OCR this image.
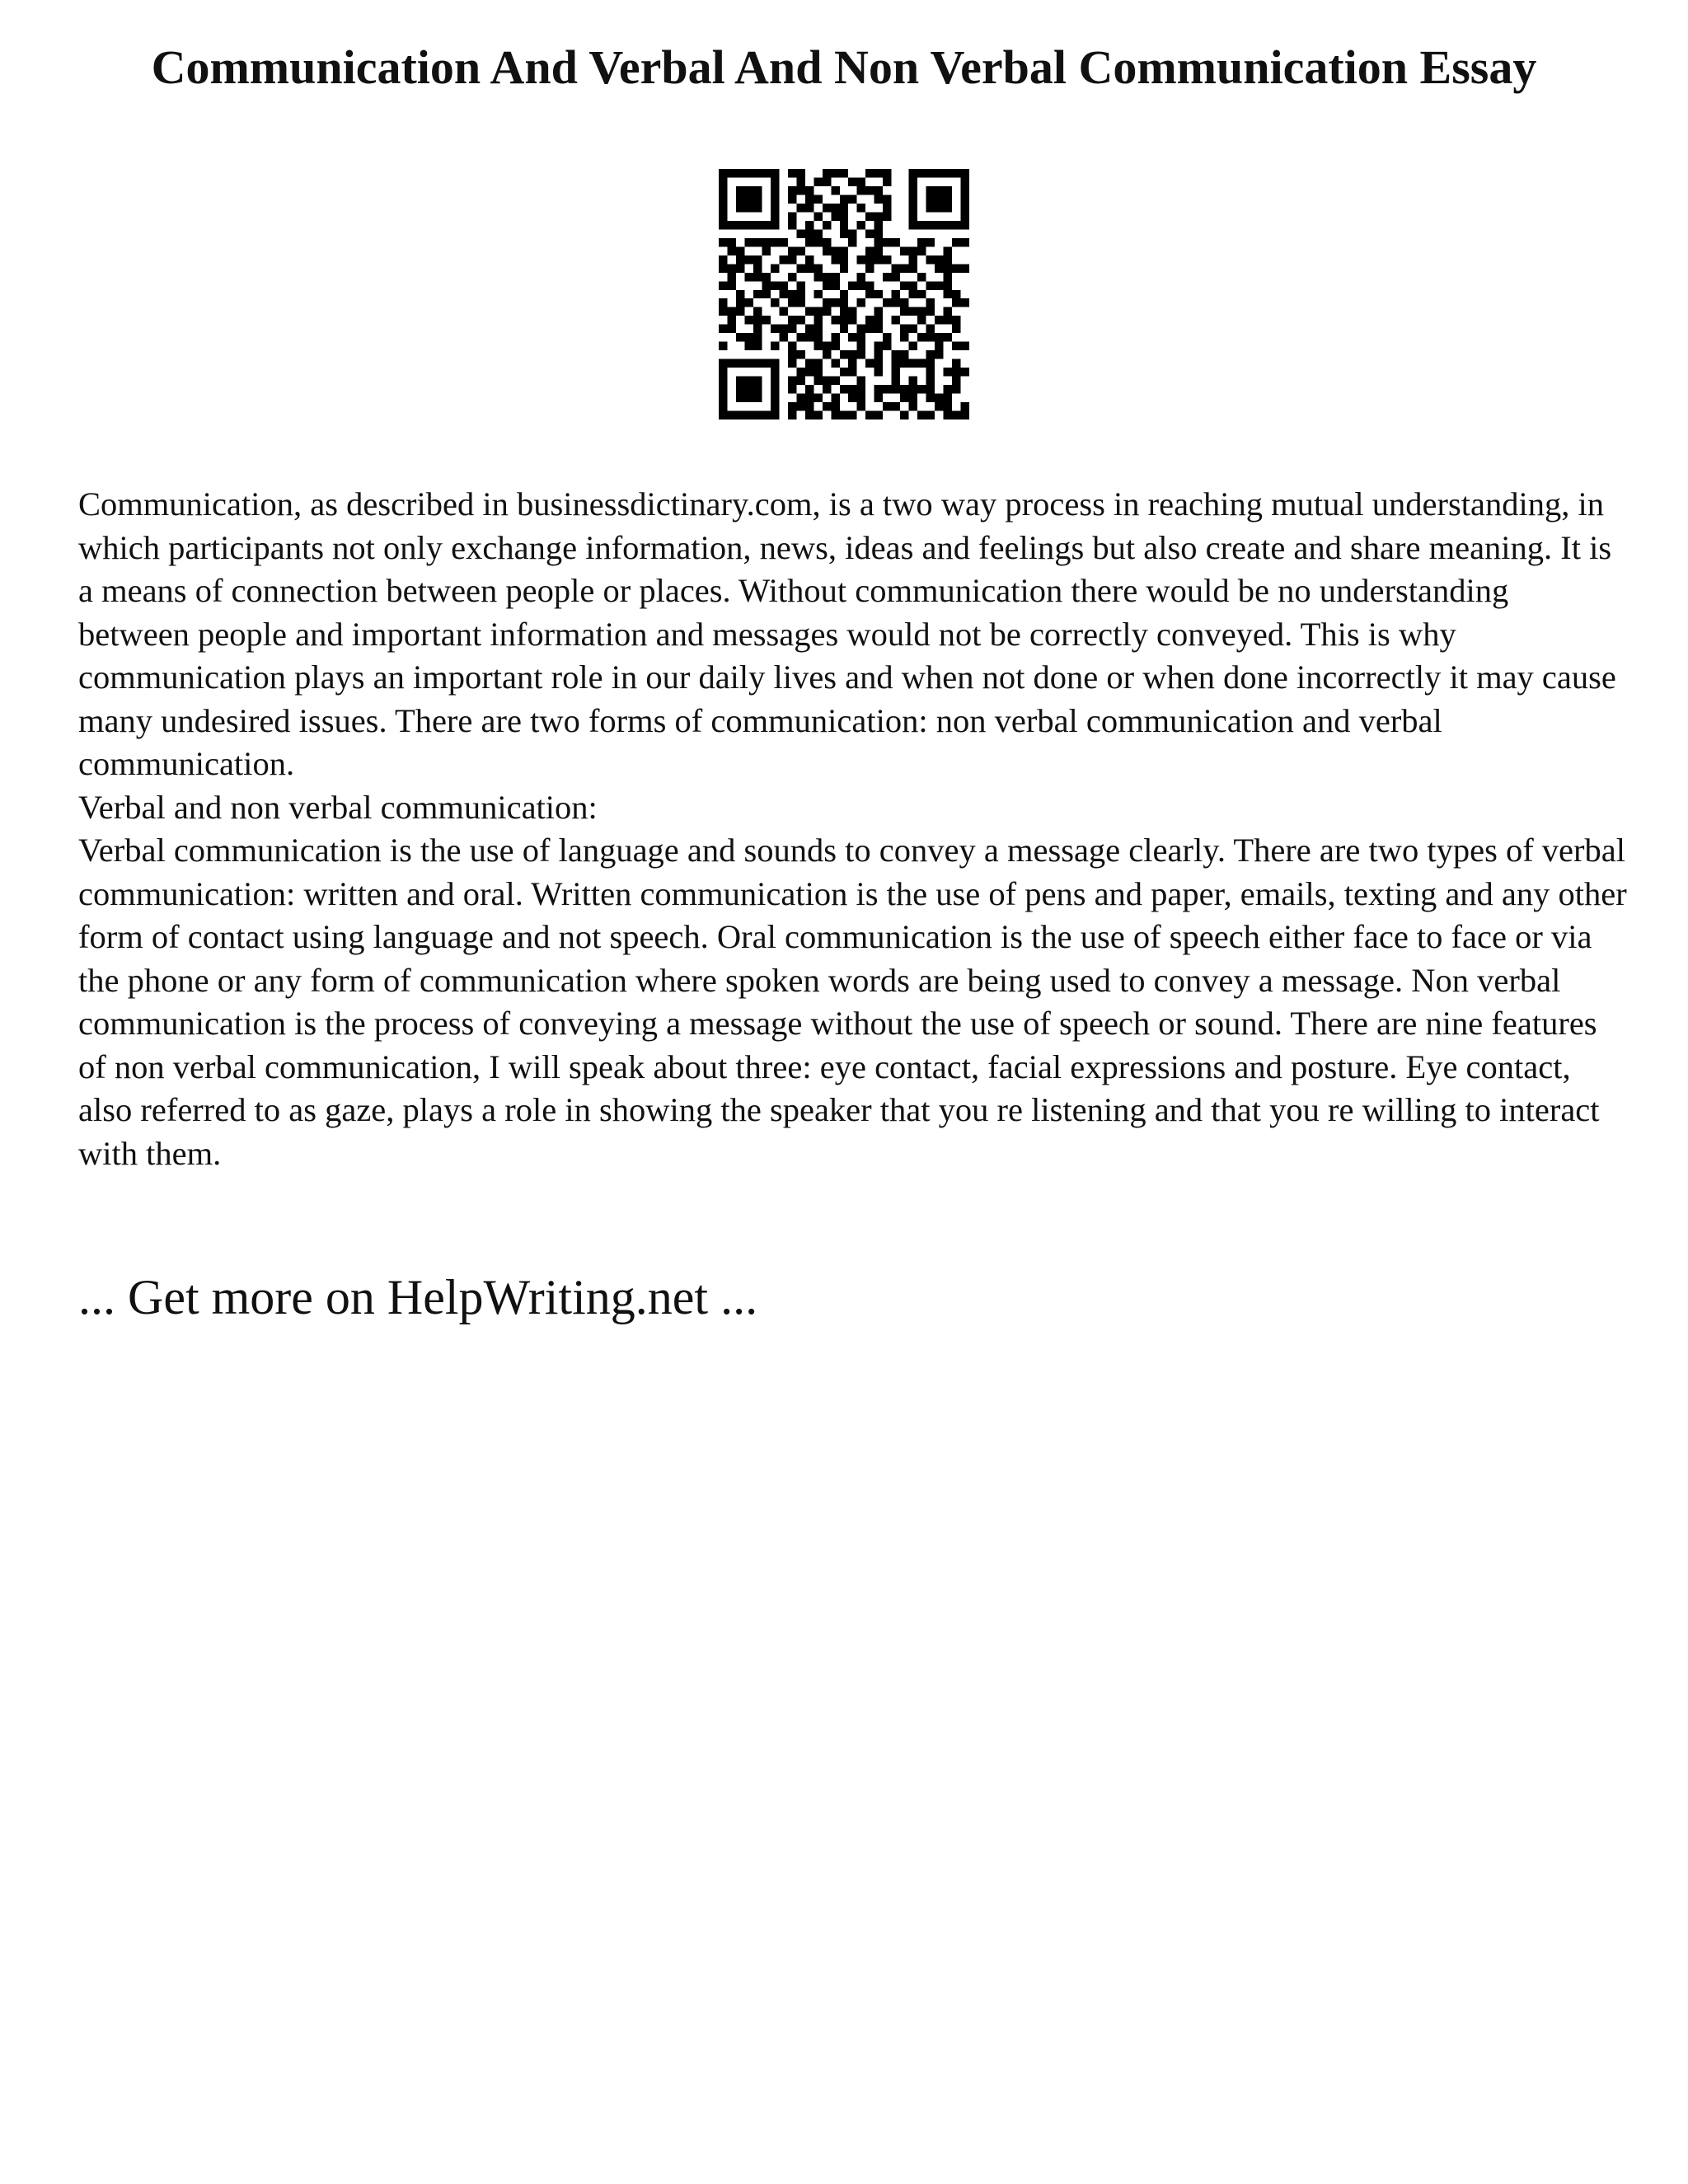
Communication And Verbal And Non Verbal Communication Essay

Communication, as described in businessdictinary.com, is a two way process in reaching mutual understanding, in which participants not only exchange information, news, ideas and feelings but also create and share meaning. It is a means of connection between people or places. Without communication there would be no understanding between people and important information and messages would not be correctly conveyed. This is why communication plays an important role in our daily lives and when not done or when done incorrectly it may cause many undesired issues. There are two forms of communication: non verbal communication and verbal communication.

Verbal and non verbal communication:

Verbal communication is the use of language and sounds to convey a message clearly. There are two types of verbal communication: written and oral. Written communication is the use of pens and paper, emails, texting and any other form of contact using language and not speech. Oral communication is the use of speech either face to face or via the phone or any form of communication where spoken words are being used to convey a message. Non verbal communication is the process of conveying a message without the use of speech or sound. There are nine features of non verbal communication, I will speak about three: eye contact, facial expressions and posture. Eye contact, also referred to as gaze, plays a role in showing the speaker that you re listening and that you re willing to interact with them.

... Get more on HelpWriting.net ...
